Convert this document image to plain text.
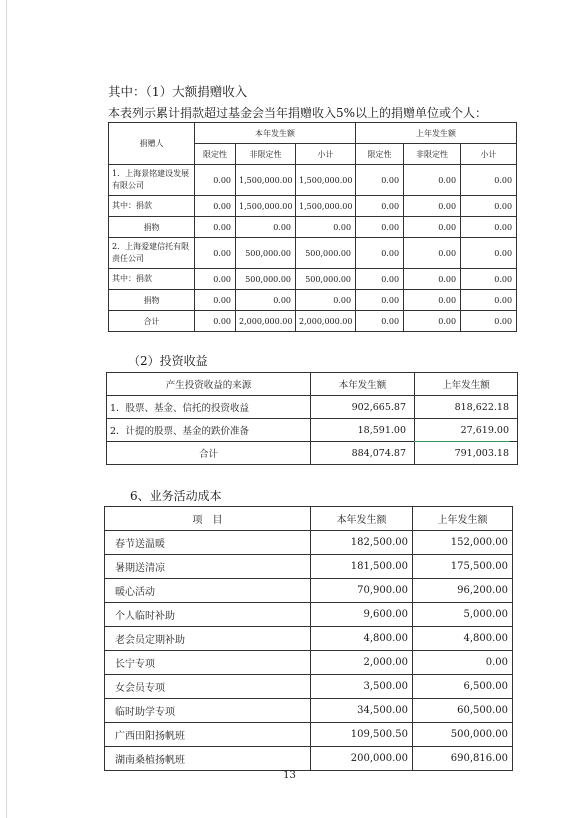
其中：（1）大额捐赠收入
本表列示累计捐款超过基金会当年捐赠收入5%以上的捐赠单位或个人：
捐赠人	本年发生额			上年发生额		
	限定性	非限定性	小计	限定性	非限定性	小计
1．上海景铭建设发展有限公司	0.00	1,500,000.00	1,500,000.00	0.00	0.00	0.00
其中：捐款	0.00	1,500,000.00	1,500,000.00	0.00	0.00	0.00
捐物	0.00	0.00	0.00	0.00	0.00	0.00
2．上海爱建信托有限责任公司	0.00	500,000.00	500,000.00	0.00	0.00	0.00
其中：捐款	0.00	500,000.00	500,000.00	0.00	0.00	0.00
捐物	0.00	0.00	0.00	0.00	0.00	0.00
合计	0.00	2,000,000.00	2,000,000.00	0.00	0.00	0.00
（2）投资收益
产生投资收益的来源	本年发生额	上年发生额
1．股票、基金、信托的投资收益	902,665.87	818,622.18
2．计提的股票、基金的跌价准备	18,591.00	27,619.00
合计	884,074.87	791,003.18
6、业务活动成本
项　目	本年发生额	上年发生额
春节送温暖	182,500.00	152,000.00
暑期送清凉	181,500.00	175,500.00
暖心活动	70,900.00	96,200.00
个人临时补助	9,600.00	5,000.00
老会员定期补助	4,800.00	4,800.00
长宁专项	2,000.00	0.00
女会员专项	3,500.00	6,500.00
临时助学专项	34,500.00	60,500.00
广西田阳扬帆班	109,500.50	500,000.00
湖南桑植扬帆班	200,000.00	690,816.00
13
